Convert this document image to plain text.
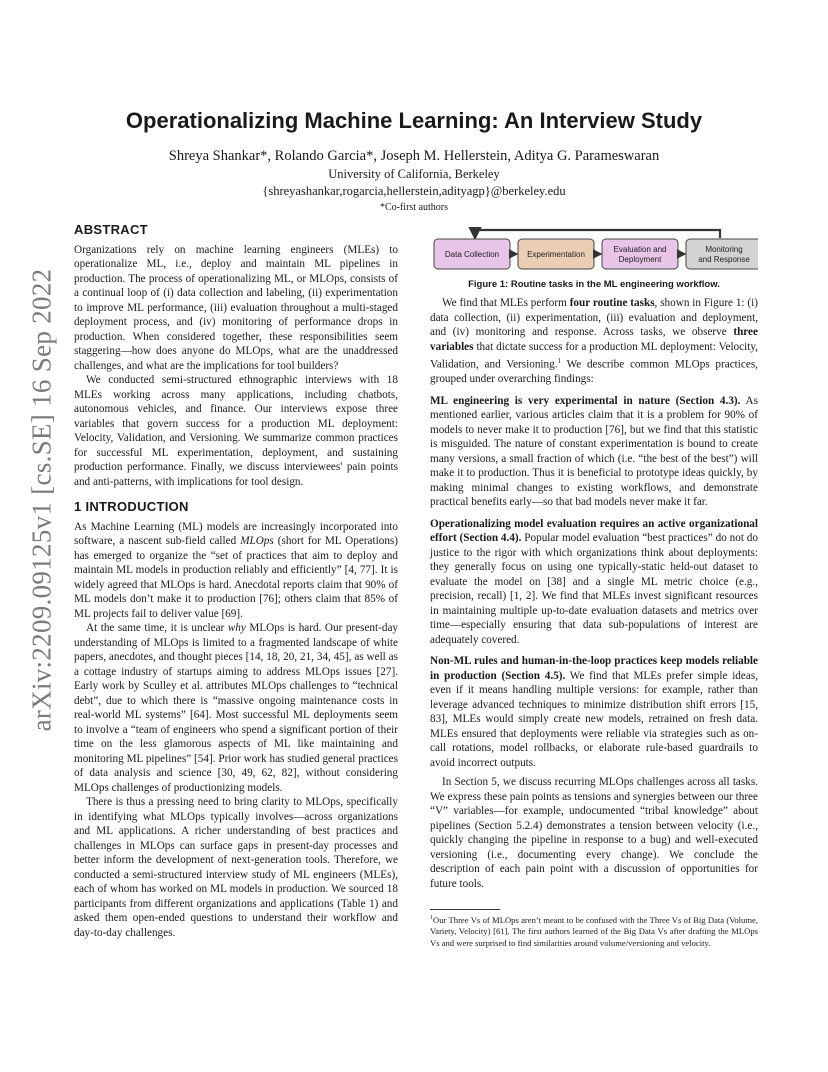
arXiv:2209.09125v1 [cs.SE] 16 Sep 2022
Operationalizing Machine Learning: An Interview Study
Shreya Shankar*, Rolando Garcia*, Joseph M. Hellerstein, Aditya G. Parameswaran
University of California, Berkeley
{shreyashankar,rogarcia,hellerstein,adityagp}@berkeley.edu
*Co-first authors
ABSTRACT

Organizations rely on machine learning engineers (MLEs) to operationalize ML, i.e., deploy and maintain ML pipelines in production. The process of operationalizing ML, or MLOps, consists of a continual loop of (i) data collection and labeling, (ii) experimentation to improve ML performance, (iii) evaluation throughout a multi-staged deployment process, and (iv) monitoring of performance drops in production. When considered together, these responsibilities seem staggering—how does anyone do MLOps, what are the unaddressed challenges, and what are the implications for tool builders?

We conducted semi-structured ethnographic interviews with 18 MLEs working across many applications, including chatbots, autonomous vehicles, and finance. Our interviews expose three variables that govern success for a production ML deployment: Velocity, Validation, and Versioning. We summarize common practices for successful ML experimentation, deployment, and sustaining production performance. Finally, we discuss interviewees' pain points and anti-patterns, with implications for tool design.

1 INTRODUCTION

As Machine Learning (ML) models are increasingly incorporated into software, a nascent sub-field called MLOps (short for ML Operations) has emerged to organize the “set of practices that aim to deploy and maintain ML models in production reliably and efficiently” [4, 77]. It is widely agreed that MLOps is hard. Anecdotal reports claim that 90% of ML models don’t make it to production [76]; others claim that 85% of ML projects fail to deliver value [69].

At the same time, it is unclear why MLOps is hard. Our present-day understanding of MLOps is limited to a fragmented landscape of white papers, anecdotes, and thought pieces [14, 18, 20, 21, 34, 45], as well as a cottage industry of startups aiming to address MLOps issues [27]. Early work by Sculley et al. attributes MLOps challenges to “technical debt”, due to which there is “massive ongoing maintenance costs in real-world ML systems” [64]. Most successful ML deployments seem to involve a “team of engineers who spend a significant portion of their time on the less glamorous aspects of ML like maintaining and monitoring ML pipelines” [54]. Prior work has studied general practices of data analysis and science [30, 49, 62, 82], without considering MLOps challenges of productionizing models.

There is thus a pressing need to bring clarity to MLOps, specifically in identifying what MLOps typically involves—across organizations and ML applications. A richer understanding of best practices and challenges in MLOps can surface gaps in present-day processes and better inform the development of next-generation tools. Therefore, we conducted a semi-structured interview study of ML engineers (MLEs), each of whom has worked on ML models in production. We sourced 18 participants from different organizations and applications (Table 1) and asked them open-ended questions to understand their workflow and day-to-day challenges.

Data Collection	Experimentation
Evaluation and Deployment
Monitoring and Response
Figure 1: Routine tasks in the ML engineering workflow.

We find that MLEs perform four routine tasks, shown in Figure 1: (i) data collection, (ii) experimentation, (iii) evaluation and deployment, and (iv) monitoring and response. Across tasks, we observe three variables that dictate success for a production ML deployment: Velocity, Validation, and Versioning.$^1$ We describe common MLOps practices, grouped under overarching findings:

ML engineering is very experimental in nature (Section 4.3). As mentioned earlier, various articles claim that it is a problem for 90% of models to never make it to production [76], but we find that this statistic is misguided. The nature of constant experimentation is bound to create many versions, a small fraction of which (i.e. “the best of the best”) will make it to production. Thus it is beneficial to prototype ideas quickly, by making minimal changes to existing workflows, and demonstrate practical benefits early—so that bad models never make it far.

Operationalizing model evaluation requires an active organizational effort (Section 4.4). Popular model evaluation “best practices” do not do justice to the rigor with which organizations think about deployments: they generally focus on using one typically-static held-out dataset to evaluate the model on [38] and a single ML metric choice (e.g., precision, recall) [1, 2]. We find that MLEs invest significant resources in maintaining multiple up-to-date evaluation datasets and metrics over time—especially ensuring that data sub-populations of interest are adequately covered.

Non-ML rules and human-in-the-loop practices keep models reliable in production (Section 4.5). We find that MLEs prefer simple ideas, even if it means handling multiple versions: for example, rather than leverage advanced techniques to minimize distribution shift errors [15, 83], MLEs would simply create new models, retrained on fresh data. MLEs ensured that deployments were reliable via strategies such as on-call rotations, model rollbacks, or elaborate rule-based guardrails to avoid incorrect outputs.

In Section 5, we discuss recurring MLOps challenges across all tasks. We express these pain points as tensions and synergies between our three “V” variables—for example, undocumented “tribal knowledge” about pipelines (Section 5.2.4) demonstrates a tension between velocity (i.e., quickly changing the pipeline in response to a bug) and well-executed versioning (i.e., documenting every change). We conclude the description of each pain point with a discussion of opportunities for future tools.

$^1$Our Three Vs of MLOps aren’t meant to be confused with the Three Vs of Big Data (Volume, Variety, Velocity) [61]. The first authors learned of the Big Data Vs after drafting the MLOps Vs and were surprised to find similarities around volume/versioning and velocity.
